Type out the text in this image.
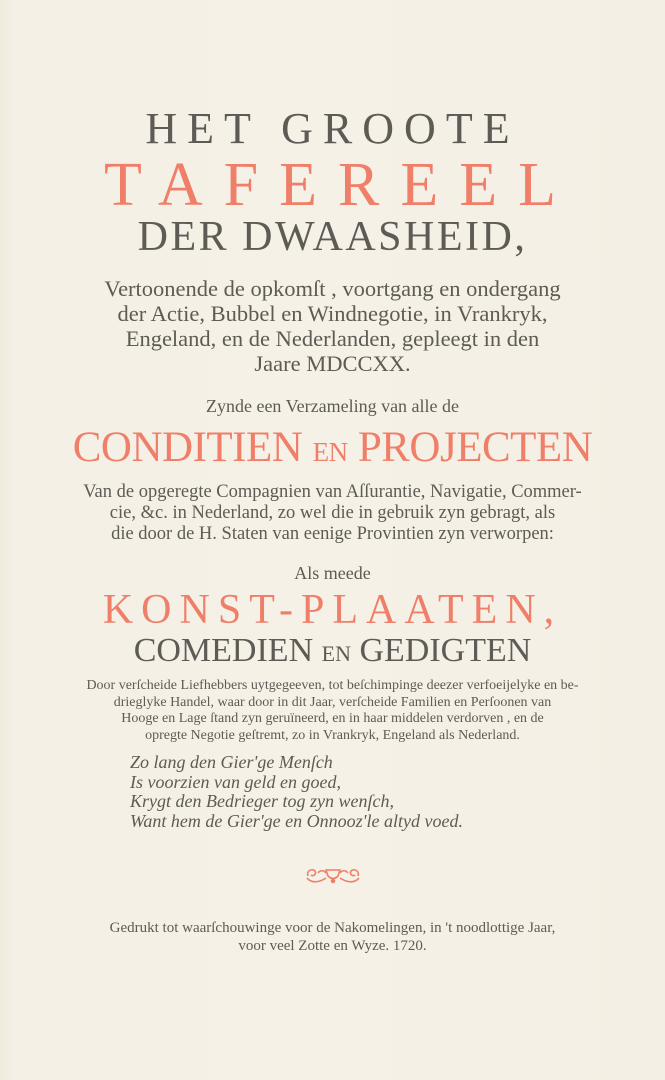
HET GROOTE
TAFEREEL
DER DWAASHEID,
Vertoonende de opkomſt , voortgang en ondergang
der Actie, Bubbel en Windnegotie, in Vrankryk,
Engeland, en de Nederlanden, gepleegt in den
Jaare MDCCXX.
Zynde een Verzameling van alle de
CONDITIEN EN PROJECTEN
Van de opgeregte Compagnien van Aſſurantie, Navigatie, Commer-
cie, &c. in Nederland, zo wel die in gebruik zyn gebragt, als
die door de H. Staten van eenige Provintien zyn verworpen:
Als meede
KONST-PLAATEN,
COMEDIEN EN GEDIGTEN
Door verſcheide Liefhebbers uytgegeeven, tot beſchimpinge deezer verfoeijelyke en be-
drieglyke Handel, waar door in dit Jaar, verſcheide Familien en Perſoonen van
Hooge en Lage ſtand zyn geruïneerd, en in haar middelen verdorven , en de
opregte Negotie geſtremt, zo in Vrankryk, Engeland als Nederland.
Zo lang den Gier'ge Menſch
Is voorzien van geld en goed,
Krygt den Bedrieger tog zyn wenſch,
Want hem de Gier'ge en Onnooz'le altyd voed.
Gedrukt tot waarſchouwinge voor de Nakomelingen, in 't noodlottige Jaar,
voor veel Zotte en Wyze. 1720.
